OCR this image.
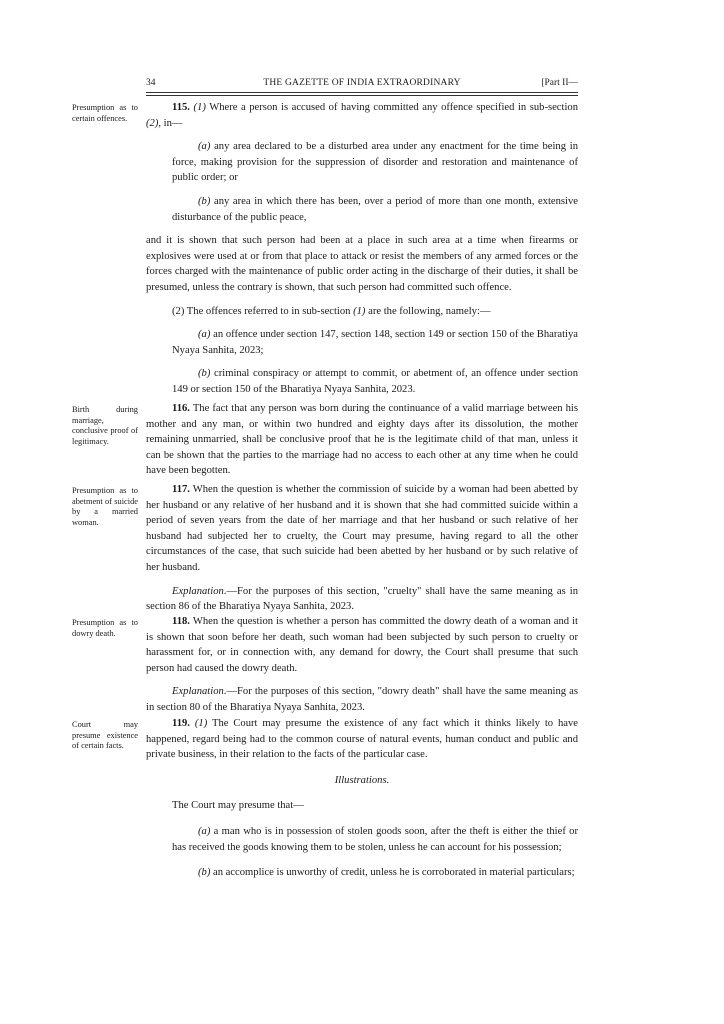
34	THE GAZETTE OF INDIA EXTRAORDINARY	[Part II—
Presumption as to certain offences.

115. (1) Where a person is accused of having committed any offence specified in sub-section (2), in—

(a) any area declared to be a disturbed area under any enactment for the time being in force, making provision for the suppression of disorder and restoration and maintenance of public order; or

(b) any area in which there has been, over a period of more than one month, extensive disturbance of the public peace,

and it is shown that such person had been at a place in such area at a time when firearms or explosives were used at or from that place to attack or resist the members of any armed forces or the forces charged with the maintenance of public order acting in the discharge of their duties, it shall be presumed, unless the contrary is shown, that such person had committed such offence.

(2) The offences referred to in sub-section (1) are the following, namely:—

(a) an offence under section 147, section 148, section 149 or section 150 of the Bharatiya Nyaya Sanhita, 2023;

(b) criminal conspiracy or attempt to commit, or abetment of, an offence under section 149 or section 150 of the Bharatiya Nyaya Sanhita, 2023.

Birth during marriage, conclusive proof of legitimacy.

116. The fact that any person was born during the continuance of a valid marriage between his mother and any man, or within two hundred and eighty days after its dissolution, the mother remaining unmarried, shall be conclusive proof that he is the legitimate child of that man, unless it can be shown that the parties to the marriage had no access to each other at any time when he could have been begotten.

Presumption as to abetment of suicide by a married woman.

117. When the question is whether the commission of suicide by a woman had been abetted by her husband or any relative of her husband and it is shown that she had committed suicide within a period of seven years from the date of her marriage and that her husband or such relative of her husband had subjected her to cruelty, the Court may presume, having regard to all the other circumstances of the case, that such suicide had been abetted by her husband or by such relative of her husband.

Explanation.—For the purposes of this section, "cruelty" shall have the same meaning as in section 86 of the Bharatiya Nyaya Sanhita, 2023.

Presumption as to dowry death.

118. When the question is whether a person has committed the dowry death of a woman and it is shown that soon before her death, such woman had been subjected by such person to cruelty or harassment for, or in connection with, any demand for dowry, the Court shall presume that such person had caused the dowry death.

Explanation.—For the purposes of this section, "dowry death" shall have the same meaning as in section 80 of the Bharatiya Nyaya Sanhita, 2023.

Court may presume existence of certain facts.

119. (1) The Court may presume the existence of any fact which it thinks likely to have happened, regard being had to the common course of natural events, human conduct and public and private business, in their relation to the facts of the particular case.

Illustrations.

The Court may presume that—

(a) a man who is in possession of stolen goods soon, after the theft is either the thief or has received the goods knowing them to be stolen, unless he can account for his possession;

(b) an accomplice is unworthy of credit, unless he is corroborated in material particulars;
